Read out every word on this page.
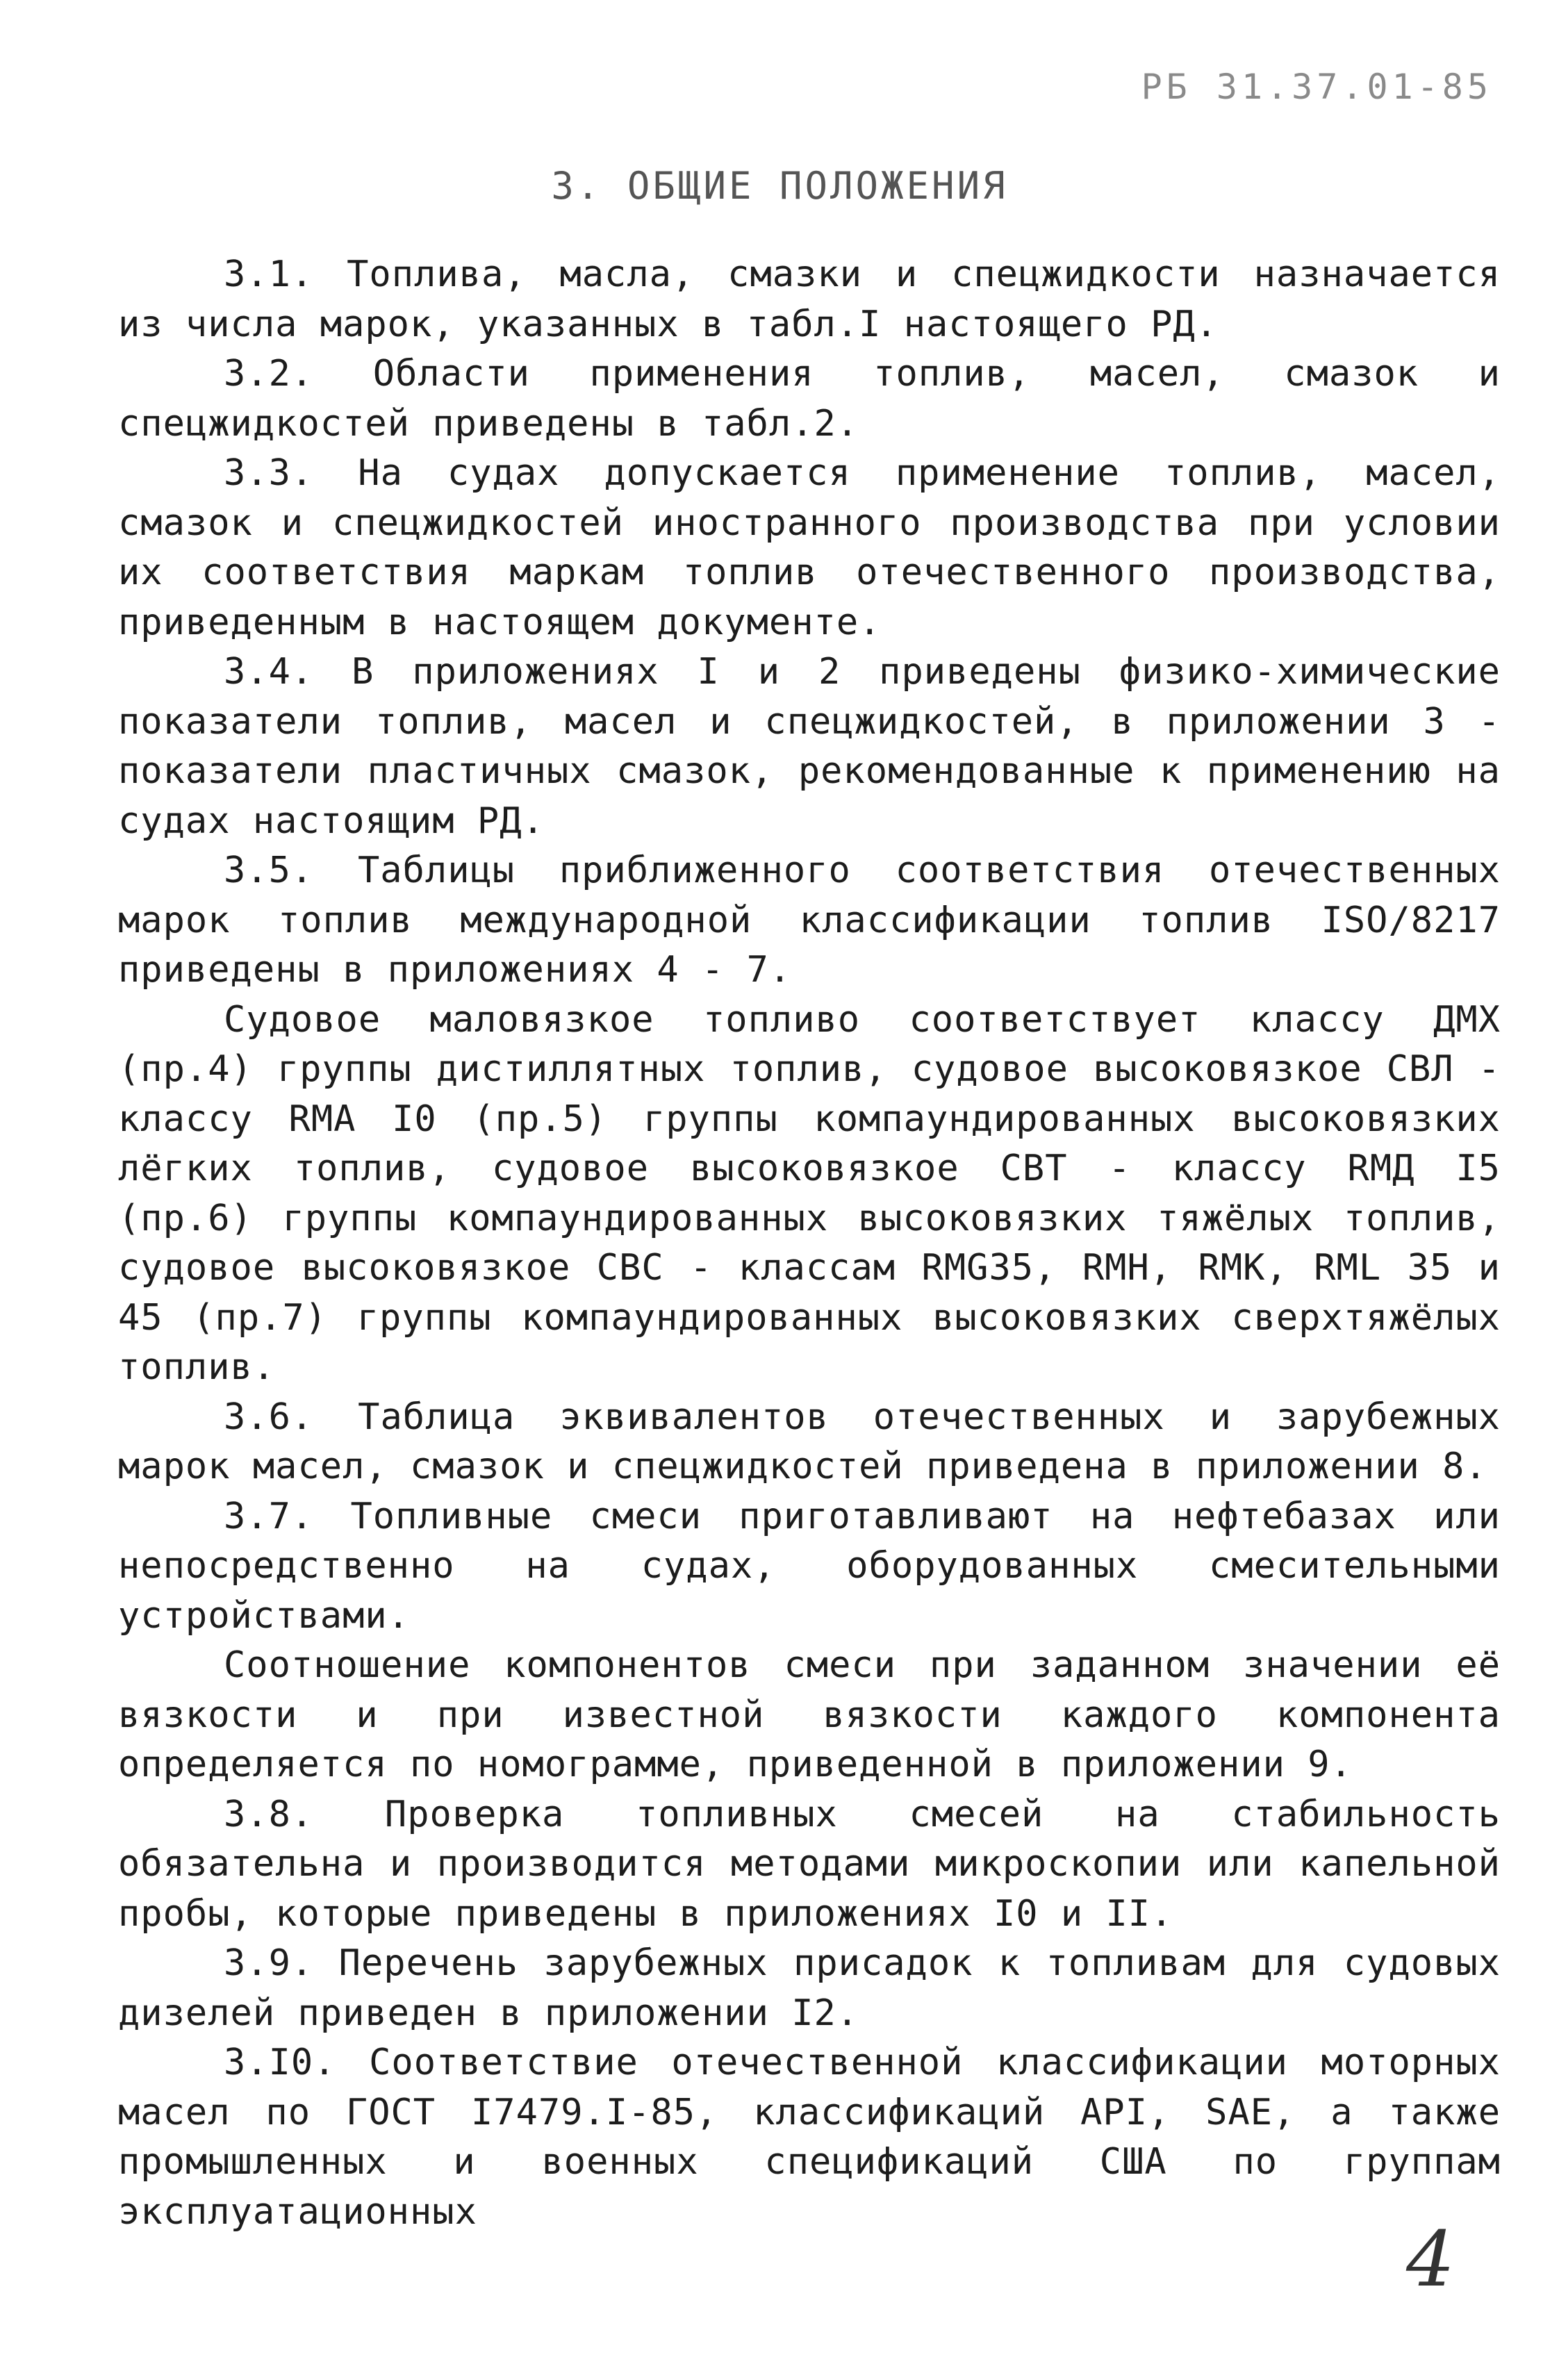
РБ 31.37.01-85
3. ОБЩИЕ ПОЛОЖЕНИЯ

3.1. Топлива, масла, смазки и спецжидкости назначается из числа марок, указанных в табл.I настоящего РД.

3.2. Области применения топлив, масел, смазок и спецжидкостей приведены в табл.2.

3.3. На судах допускается применение топлив, масел, смазок и спецжидкостей иностранного производства при условии их соответствия маркам топлив отечественного производства, приведенным в настоящем документе.

3.4. В приложениях I и 2 приведены физико-химические показатели топлив, масел и спецжидкостей, в приложении 3 - показатели пластичных смазок, рекомендованные к применению на судах настоящим РД.

3.5. Таблицы приближенного соответствия отечественных марок топлив международной классификации топлив ISO/8217 приведены в приложениях 4 - 7.

Судовое маловязкое топливо соответствует классу ДМХ (пр.4) группы дистиллятных топлив, судовое высоковязкое СВЛ - классу RМА I0 (пр.5) группы компаундированных высоковязких лёгких топлив, судовое высоковязкое СВТ - классу RМД I5 (пр.6) группы компаундированных высоковязких тяжёлых топлив, судовое высоковязкое СВС - классам RMG35, RМН, RМК, RML 35 и 45 (пр.7) группы компаундированных высоковязких сверхтяжёлых топлив.

3.6. Таблица эквивалентов отечественных и зарубежных марок масел, смазок и спецжидкостей приведена в приложении 8.

3.7. Топливные смеси приготавливают на нефтебазах или непосредственно на судах, оборудованных смесительными устройствами.

Соотношение компонентов смеси при заданном значении её вязкости и при известной вязкости каждого компонента определяется по номограмме, приведенной в приложении 9.

3.8. Проверка топливных смесей на стабильность обязательна и производится методами микроскопии или капельной пробы, которые приведены в приложениях I0 и II.

3.9. Перечень зарубежных присадок к топливам для судовых дизелей приведен в приложении I2.

3.I0. Соответствие отечественной классификации моторных масел по ГОСТ I7479.I-85, классификаций API, SAE, а также промышленных и военных спецификаций США по группам эксплуатационных

4
